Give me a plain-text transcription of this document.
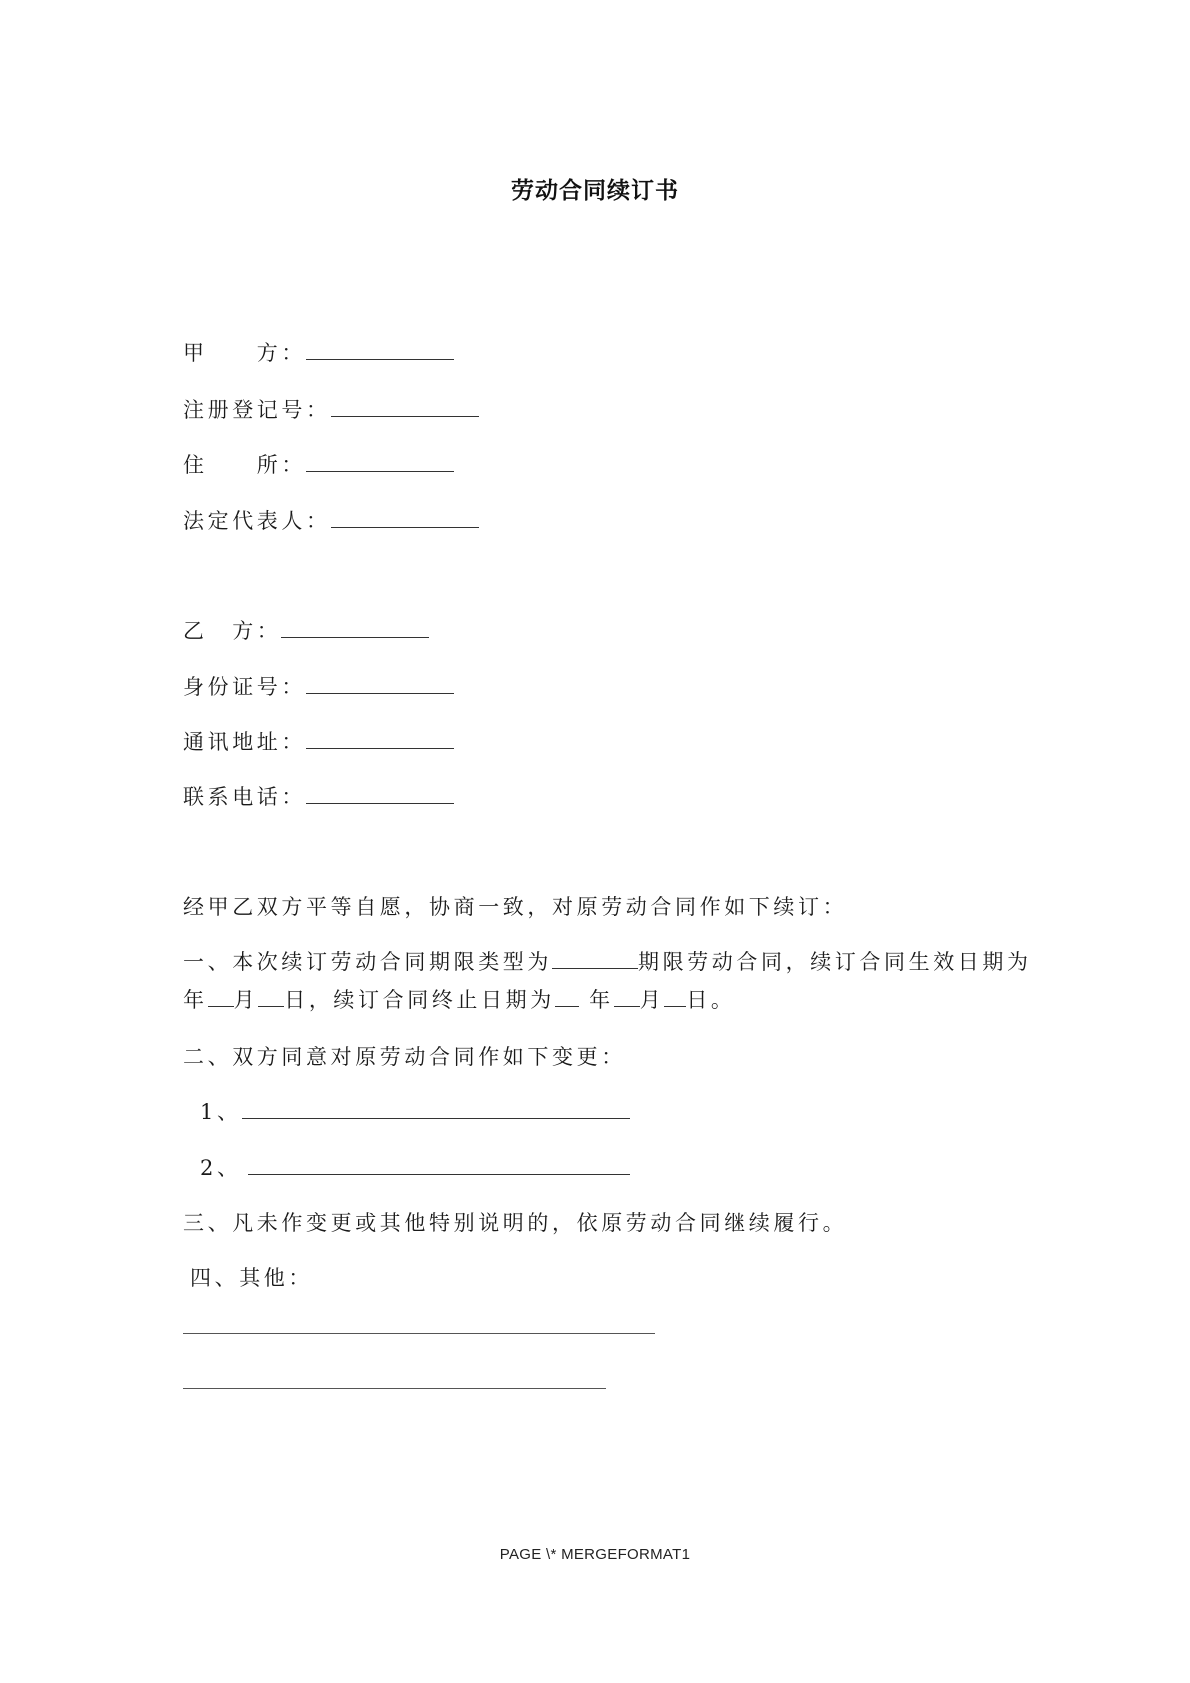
劳动合同续订书
甲　　方：
注册登记号：
住　　所：
法定代表人：
乙　方：
身份证号：
通讯地址：
联系电话：
经甲乙双方平等自愿，协商一致，对原劳动合同作如下续订：
一、本次续订劳动合同期限类型为	期限劳动合同，续订合同生效日期为
年 月 日，续订合同终止日期为 年 月 日。
二、双方同意对原劳动合同作如下变更：
1、
2、
三、凡未作变更或其他特别说明的，依原劳动合同继续履行。
四、其他：
PAGE \* MERGEFORMAT1
